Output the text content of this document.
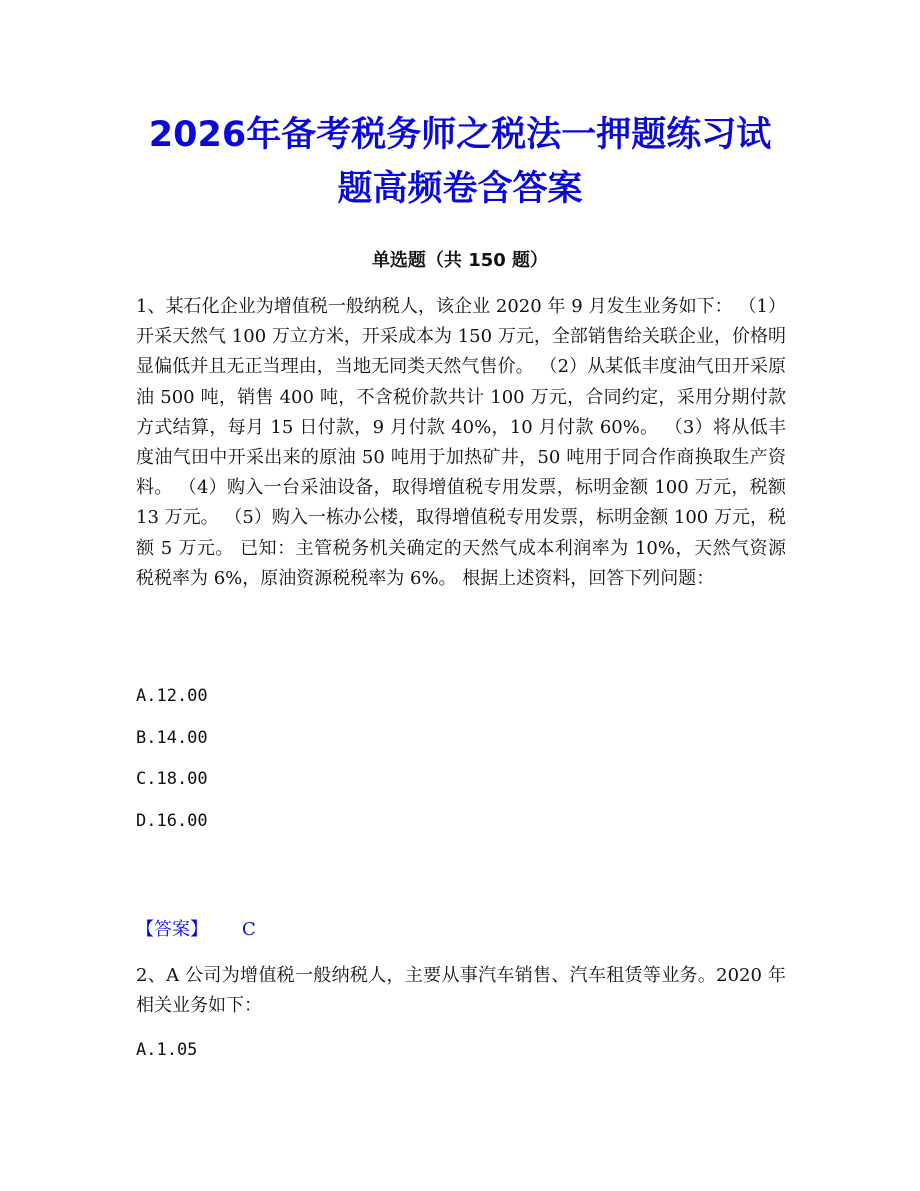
2026年备考税务师之税法一押题练习试
题高频卷含答案
单选题（共 150 题）
1、某石化企业为增值税一般纳税人，该企业 2020 年 9 月发生业务如下： （1）开采天然气 100 万立方米，开采成本为 150 万元，全部销售给关联企业，价格明显偏低并且无正当理由，当地无同类天然气售价。 （2）从某低丰度油气田开采原油 500 吨，销售 400 吨，不含税价款共计 100 万元，合同约定，采用分期付款方式结算，每月 15 日付款，9 月付款 40%，10 月付款 60%。 （3）将从低丰度油气田中开采出来的原油 50 吨用于加热矿井，50 吨用于同合作商换取生产资料。 （4）购入一台采油设备，取得增值税专用发票，标明金额 100 万元，税额 13 万元。 （5）购入一栋办公楼，取得增值税专用发票，标明金额 100 万元，税额 5 万元。 已知：主管税务机关确定的天然气成本利润率为 10%，天然气资源税税率为 6%，原油资源税税率为 6%。 根据上述资料，回答下列问题：
A.12.00
B.14.00
C.18.00
D.16.00
【答案】 C
2、A 公司为增值税一般纳税人，主要从事汽车销售、汽车租赁等业务。2020 年相关业务如下：
A.1.05
